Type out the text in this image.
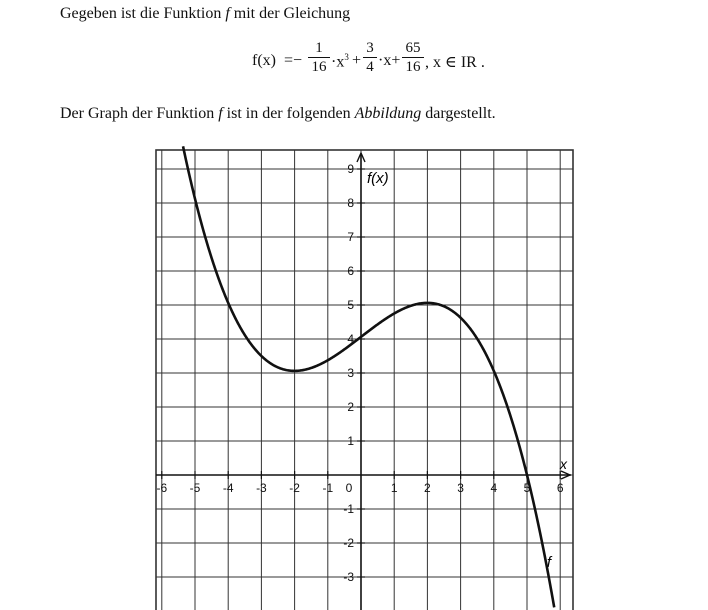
Gegeben ist die Funktion f mit der Gleichung
$f(x) =- \frac{1}{16} \cdot x^3 + \frac{3}{4} \cdot x+ \frac{65}{16}$ , x ∈ IR .
Der Graph der Funktion f ist in der folgenden Abbildung dargestellt.
-6 -5 -4 -3 -2 -1 0	1 2 3 4 5 6
9
8
7
6
5
4
3
2
1
-1
-2
-3
f(x)
x
f
